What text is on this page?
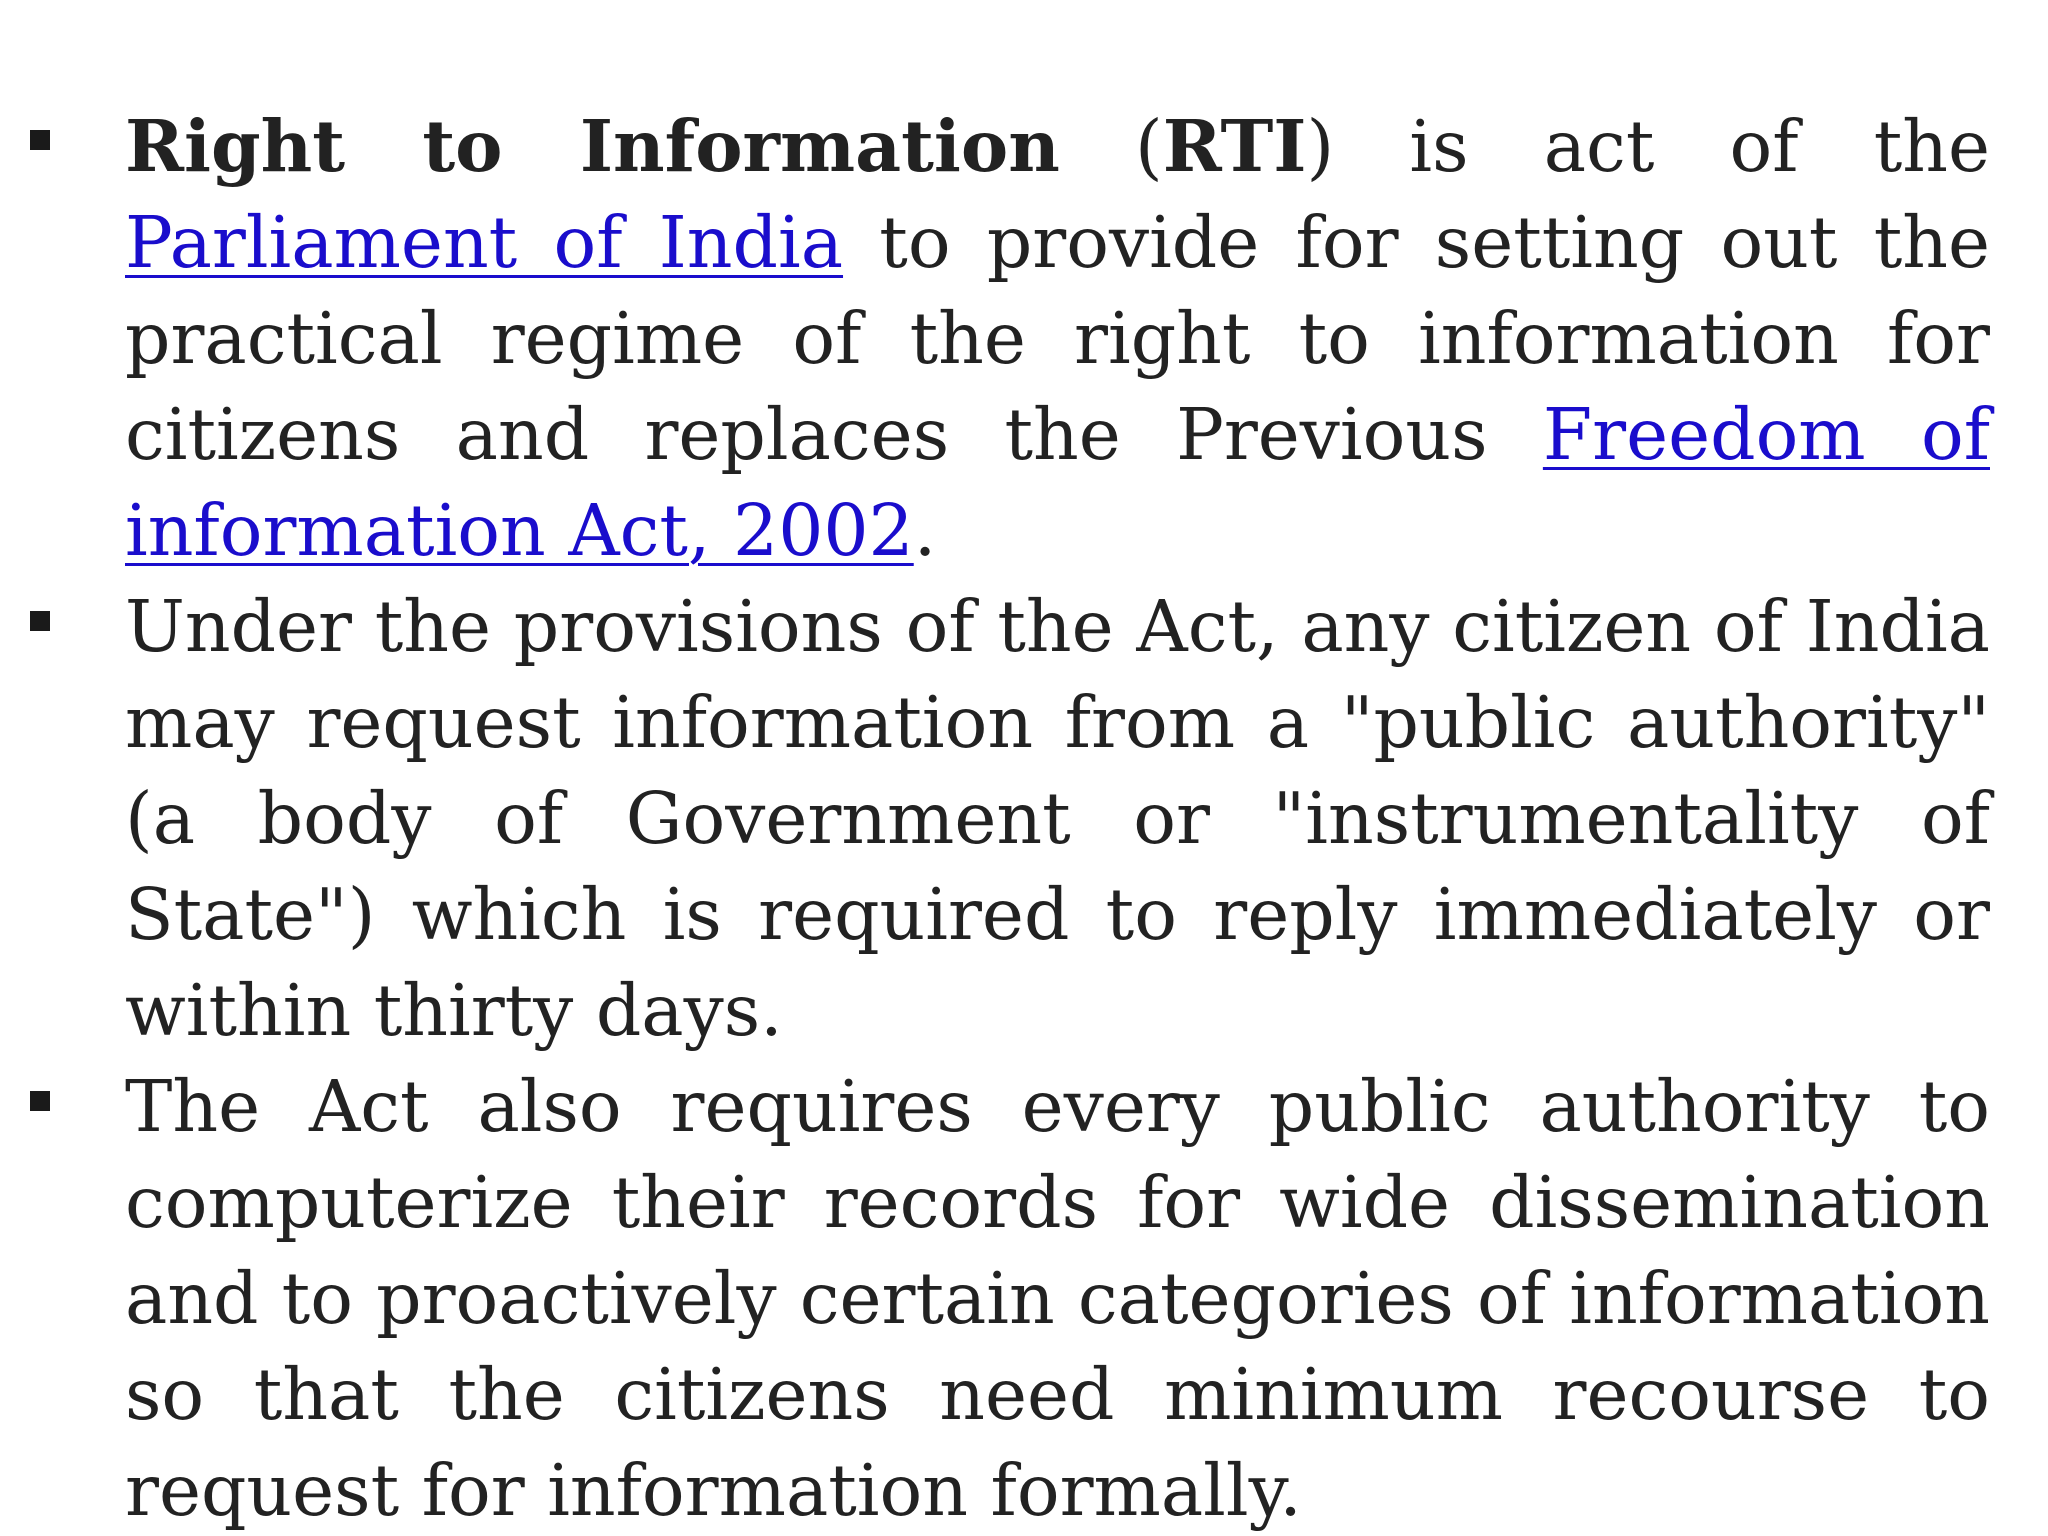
Right to Information (RTI) is act of the Parliament of India to provide for setting out the practical regime of the right to information for citizens and replaces the Previous Freedom of information Act, 2002.

Under the provisions of the Act, any citizen of India may request information from a "public authority" (a body of Government or "instrumentality of State") which is required to reply immediately or within thirty days.

The Act also requires every public authority to computerize their records for wide dissemination and to proactively certain categories of information so that the citizens need minimum recourse to request for information formally.
